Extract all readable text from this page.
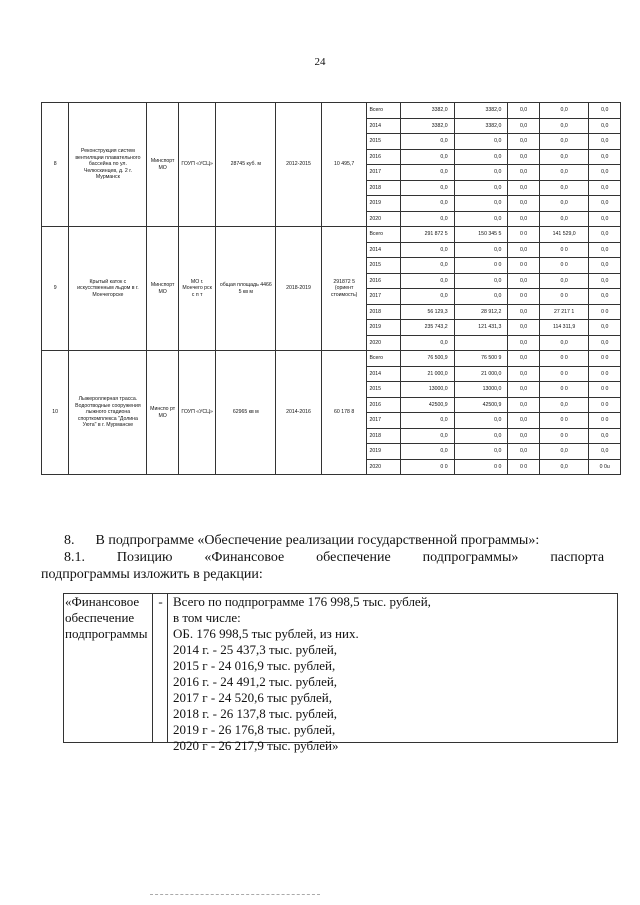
24
8	Реконструкция систем вентиляции плавательного бассейна по ул. Челюскинцев, д. 2 г. Мурманск	Минспорт МО	ГОУП «УСЦ»	28745 куб. м	2012-2015	10 495,7	Всего	3382,0	3382,0	0,0	0,0	0,0
							2014	3382,0	3382,0	0,0	0,0	0,0
							2015	0,0	0,0	0,0	0,0	0,0
							2016	0,0	0,0	0,0	0,0	0,0
							2017	0,0	0,0	0,0	0,0	0,0
							2018	0,0	0,0	0,0	0,0	0,0
							2019	0,0	0,0	0,0	0,0	0,0
							2020	0,0	0,0	0,0	0,0	0,0
9	Крытый каток с искусственным льдом в г. Мончегорске	Минспорт МО	МО г. Мончего рск с п т	общая площадь 4466 5 кв м	2018-2019	291872 5 (ориент стоимость)	Всего	291 872 5	150 345 5	0 0	141 529,0	0,0
							2014	0,0	0,0	0,0	0 0	0,0
							2015	0,0	0 0	0 0	0 0	0,0
							2016	0,0	0,0	0,0	0,0	0,0
							2017	0,0	0,0	0 0	0 0	0,0
							2018	56 129,3	28 912,2	0,0	27 217 1	0 0
							2019	235 743,2	121 431,3	0,0	114 311,9	0,0
							2020	0,0		0,0	0,0	0,0
10	Лыжероллерная трасса. Водоотводные сооружения лыжного стадиона спорткомплекса "Долина Уюта" в г. Мурманске	Минспо рт МО	ГОУП «УСЦ»	62965 кв м	2014-2016	60 178 8	Всего	76 500,9	76 500 9	0,0	0 0	0 0
							2014	21 000,0	21 000,0	0,0	0 0	0 0
							2015	13000,0	13000,0	0,0	0 0	0 0
							2016	42500,9	42500,9	0,0	0,0	0 0
							2017	0,0	0,0	0,0	0 0	0 0
							2018	0,0	0,0	0,0	0 0	0,0
							2019	0,0	0,0	0,0	0,0	0,0
							2020	0 0	0 0	0 0	0,0	0 0u
8. В подпрограмме «Обеспечение реализации государственной программы»:
8.1. Позицию «Финансовое обеспечение подпрограммы» паспорта
подпрограммы изложить в редакции:
«Финансовое
обеспечение
подпрограммы
- Всего по подпрограмме 176 998,5 тыс. рублей,
в том числе:
ОБ. 176 998,5 тыс рублей, из них.
2014 г. - 25 437,3 тыс. рублей,
2015 г - 24 016,9 тыс. рублей,
2016 г. - 24 491,2 тыс. рублей,
2017 г - 24 520,6 тыс рублей,
2018 г. - 26 137,8 тыс. рублей,
2019 г - 26 176,8 тыс. рублей,
2020 г - 26 217,9 тыс. рублей»
